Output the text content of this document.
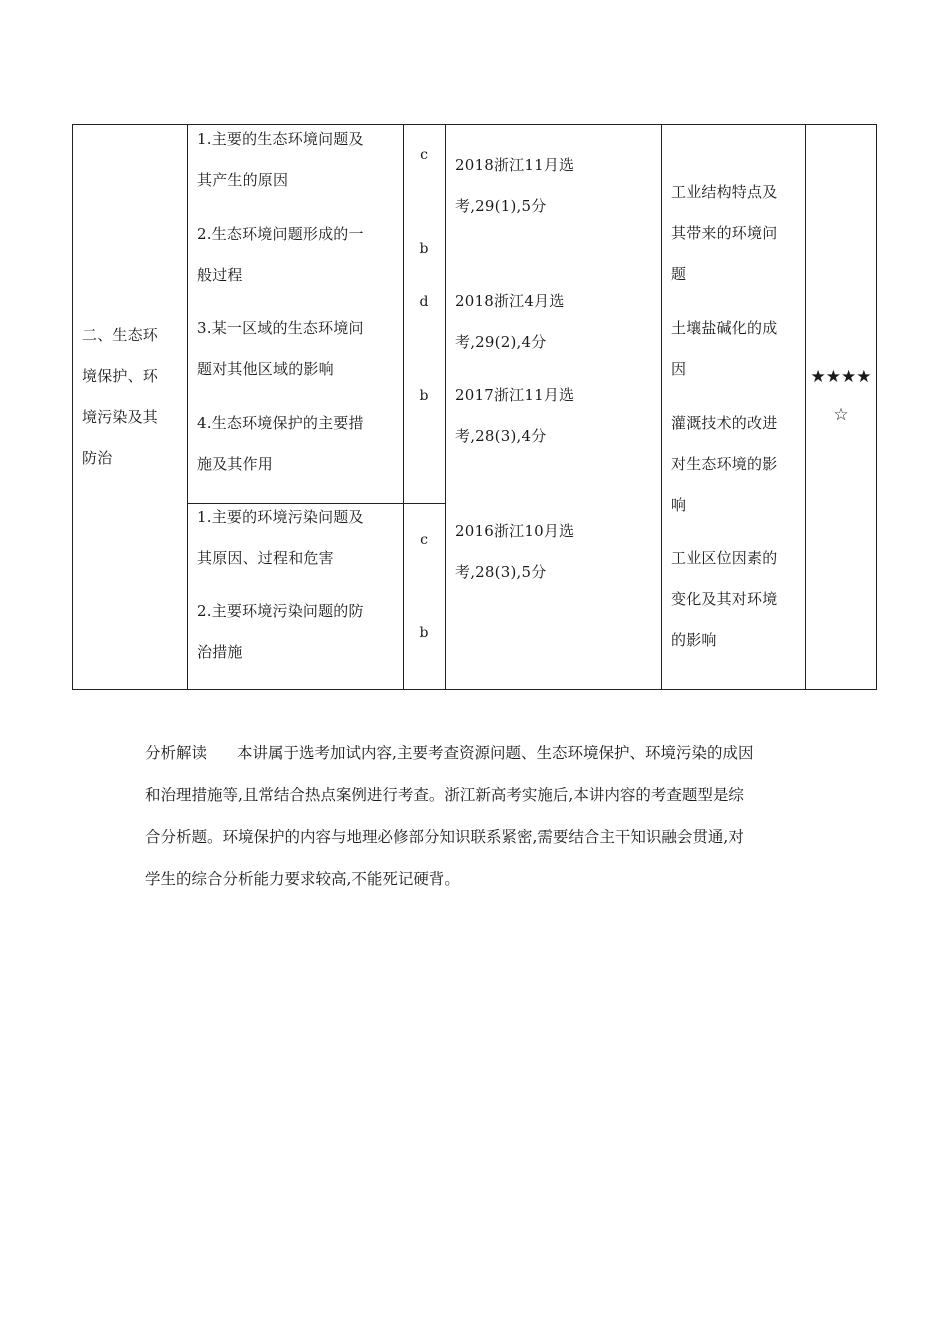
二、生态环
境保护、环
境污染及其
防治
1.主要的生态环境问题及
其产生的原因
2.生态环境问题形成的一
般过程
3.某一区域的生态环境问
题对其他区域的影响
4.生态环境保护的主要措
施及其作用
1.主要的环境污染问题及
其原因、过程和危害
2.主要环境污染问题的防
治措施
c
b
d
b
c
b
2018浙江11月选
考,29(1),5分
2018浙江4月选
考,29(2),4分
2017浙江11月选
考,28(3),4分
2016浙江10月选
考,28(3),5分
工业结构特点及
其带来的环境问
题
土壤盐碱化的成
因
灌溉技术的改进
对生态环境的影
响
工业区位因素的
变化及其对环境
的影响
★★★★
☆
分析解读 本讲属于选考加试内容,主要考查资源问题、生态环境保护、环境污染的成因
和治理措施等,且常结合热点案例进行考查。浙江新高考实施后,本讲内容的考查题型是综
合分析题。环境保护的内容与地理必修部分知识联系紧密,需要结合主干知识融会贯通,对
学生的综合分析能力要求较高,不能死记硬背。
